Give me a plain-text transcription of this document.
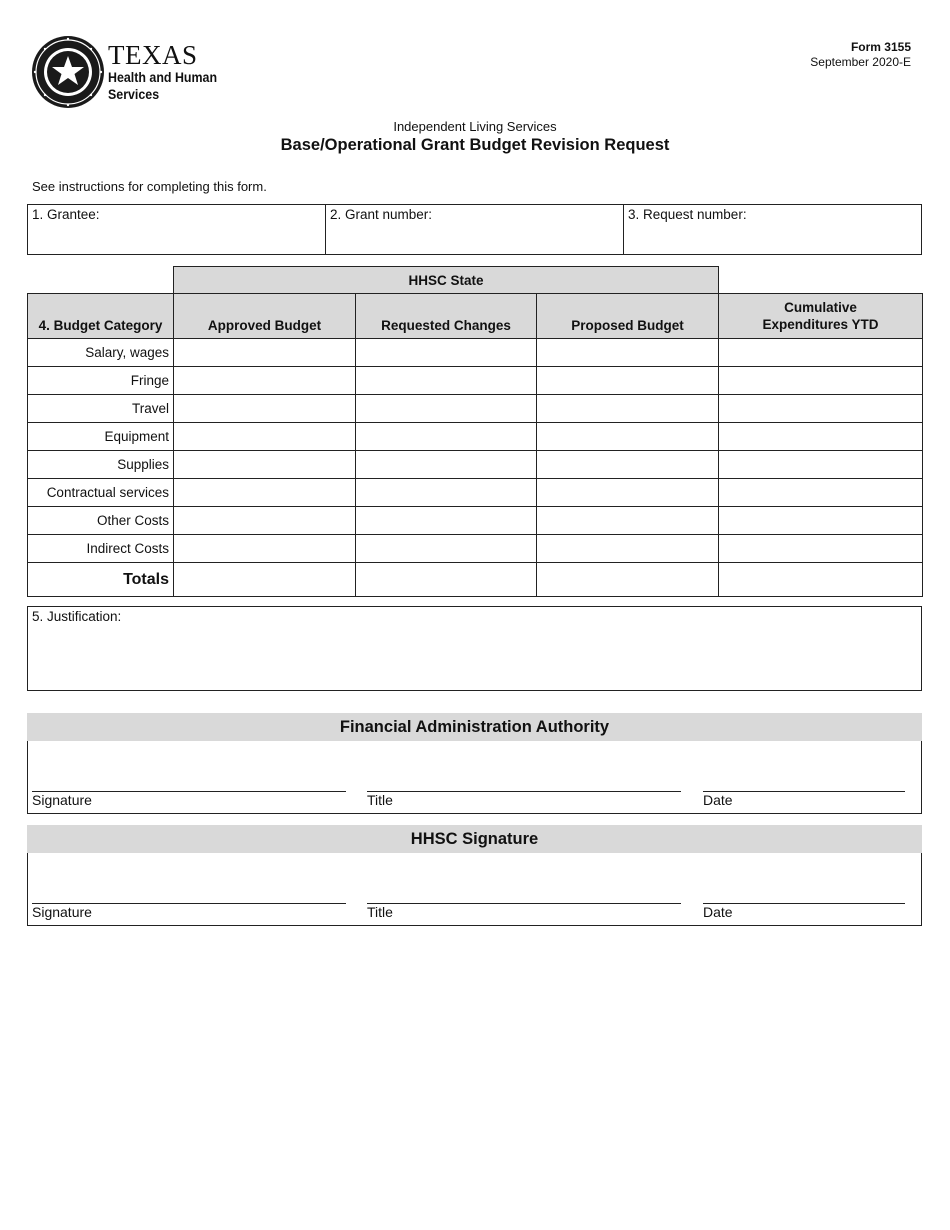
TEXAS
Health and Human
Services
Form 3155
September 2020-E
Independent Living Services
Base/Operational Grant Budget Revision Request
See instructions for completing this form.
1. Grantee:	2. Grant number:	3. Request number:
	HHSC State			
4. Budget Category	Approved Budget	Requested Changes	Proposed Budget	Cumulative
Expenditures YTD
Salary, wages				
Fringe				
Travel				
Equipment				
Supplies				
Contractual services				
Other Costs				
Indirect Costs				
Totals				
5. Justification:
Financial Administration Authority
Signature	Title	Date
HHSC Signature
Signature	Title	Date
